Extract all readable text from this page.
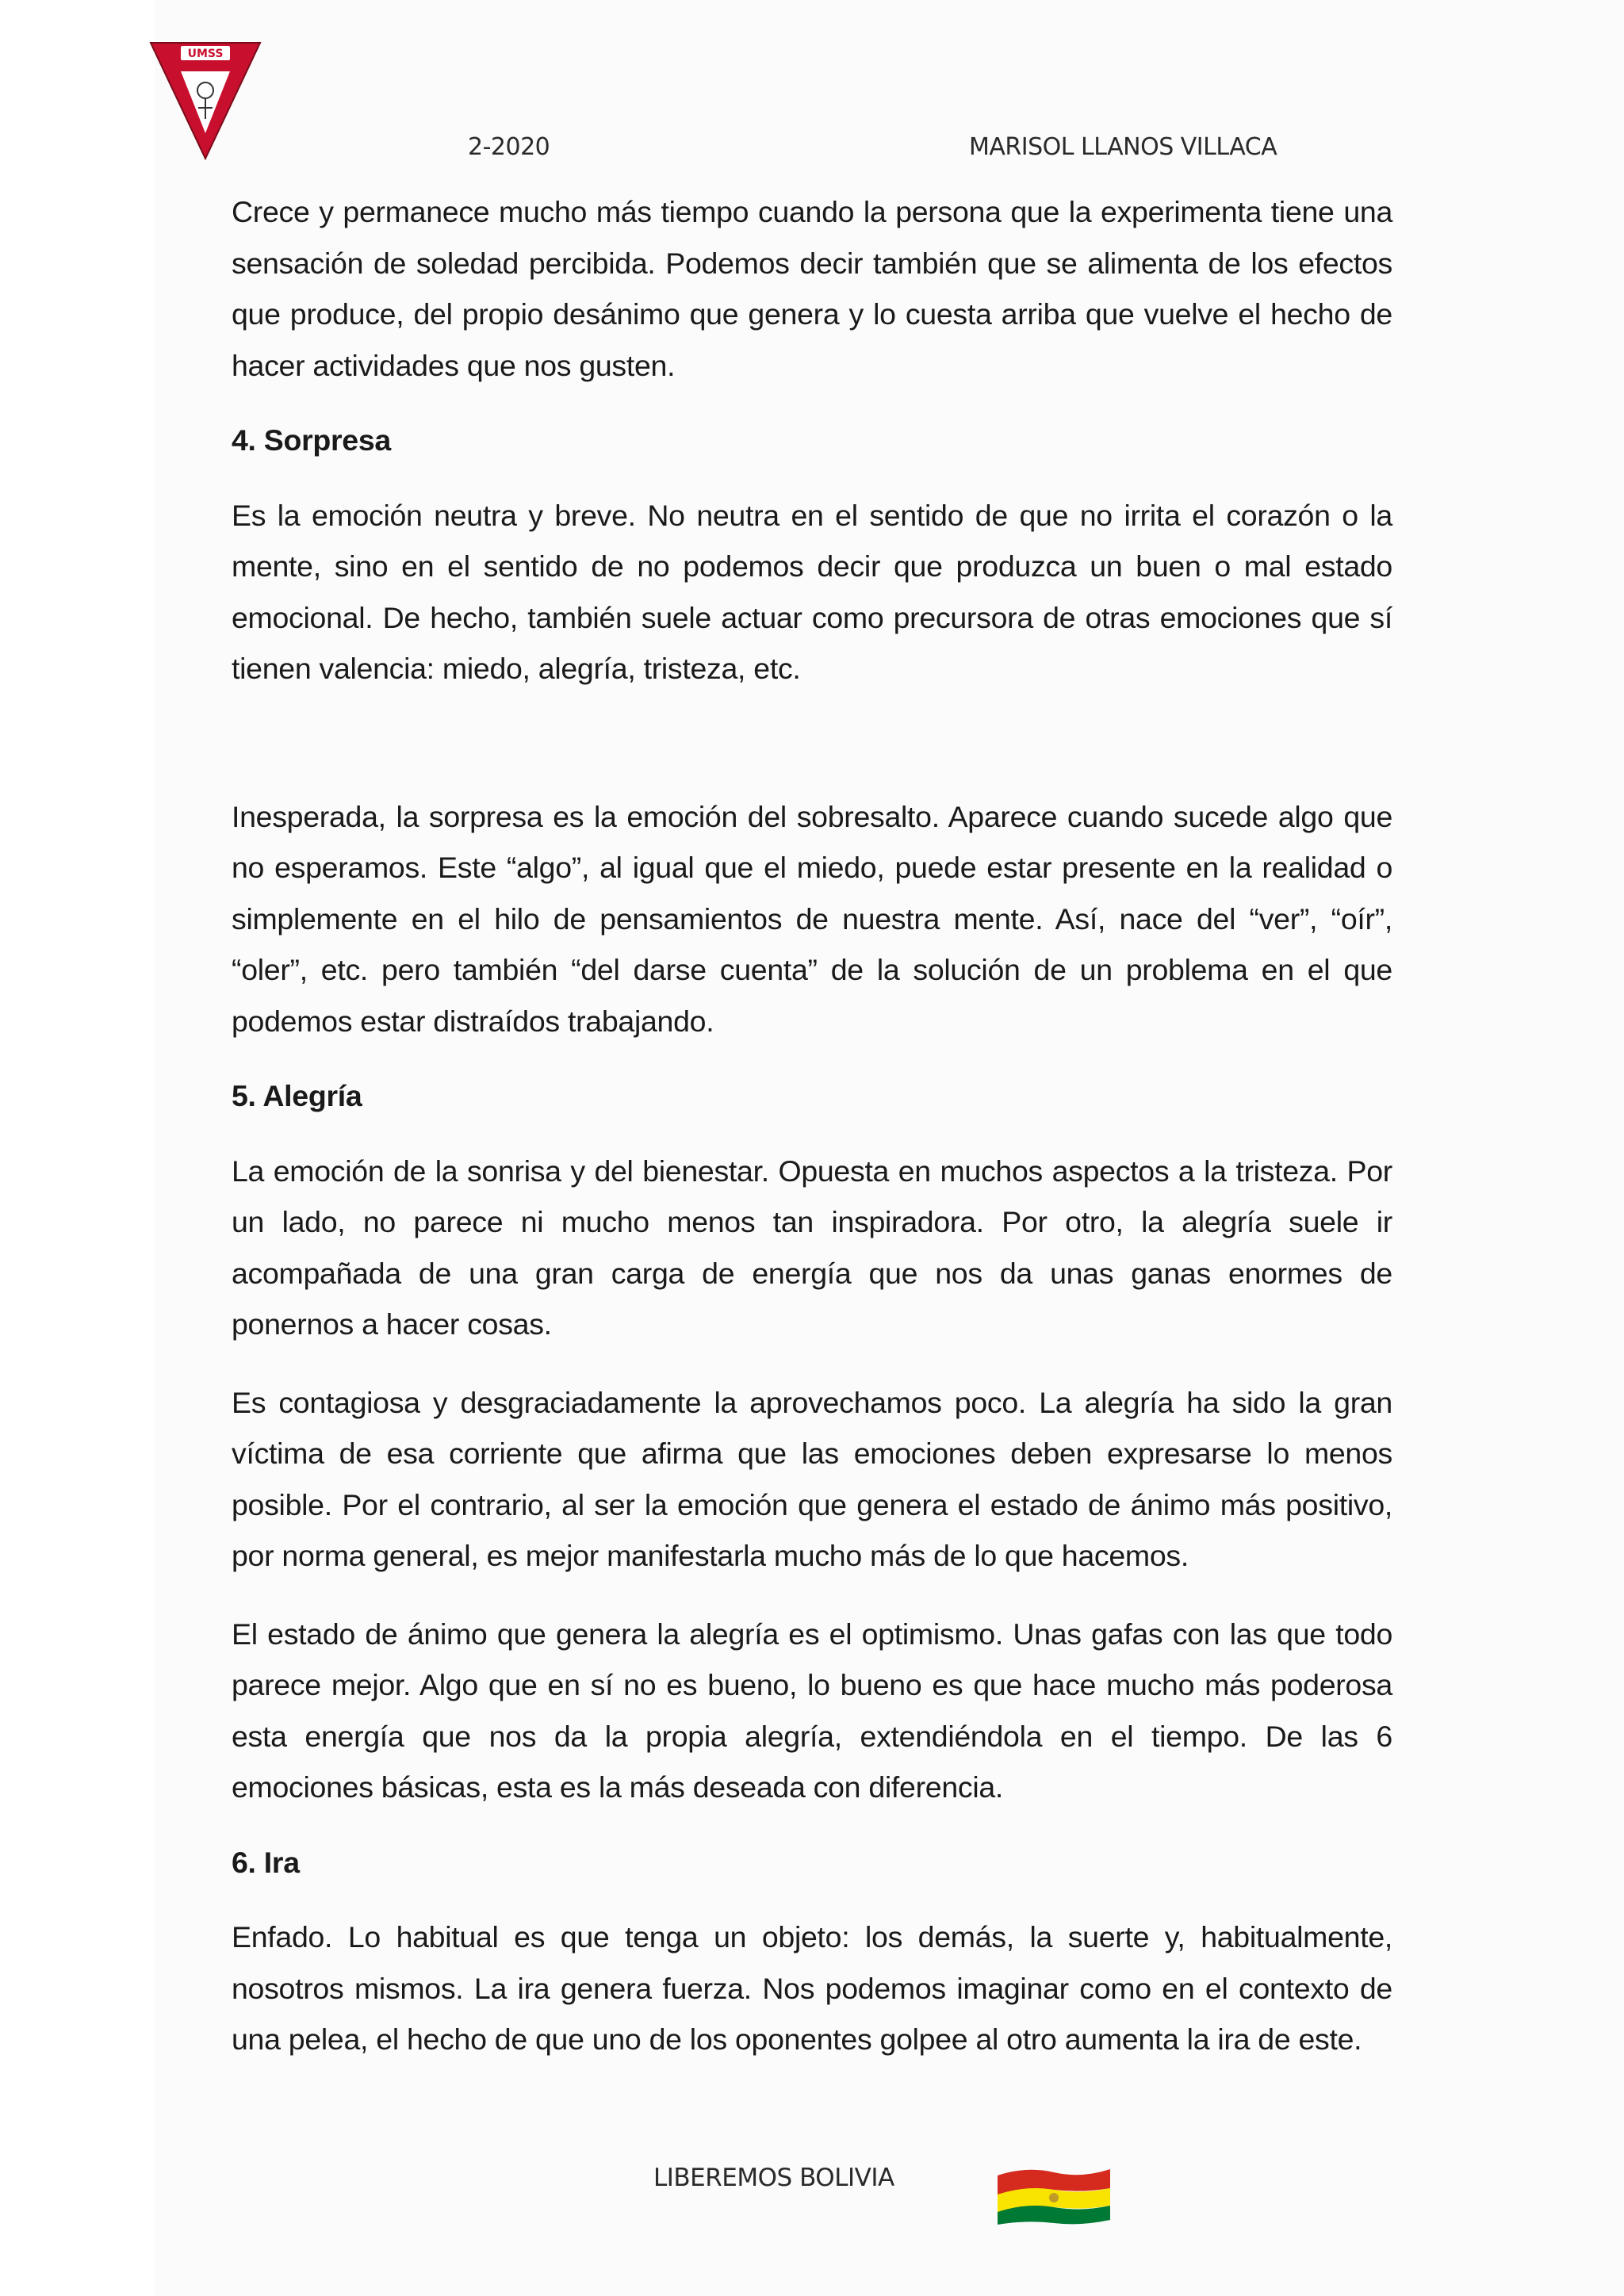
UMSS
2-2020	MARISOL LLANOS VILLACA

Crece y permanece mucho más tiempo cuando la persona que la experimenta tiene una sensación de soledad percibida. Podemos decir también que se alimenta de los efectos que produce, del propio desánimo que genera y lo cuesta arriba que vuelve el hecho de hacer actividades que nos gusten.

4. Sorpresa

Es la emoción neutra y breve. No neutra en el sentido de que no irrita el corazón o la mente, sino en el sentido de no podemos decir que produzca un buen o mal estado emocional. De hecho, también suele actuar como precursora de otras emociones que sí tienen valencia: miedo, alegría, tristeza, etc.

Inesperada, la sorpresa es la emoción del sobresalto. Aparece cuando sucede algo que no esperamos. Este “algo”, al igual que el miedo, puede estar presente en la realidad o simplemente en el hilo de pensamientos de nuestra mente. Así, nace del “ver”, “oír”, “oler”, etc. pero también “del darse cuenta” de la solución de un problema en el que podemos estar distraídos trabajando.

5. Alegría

La emoción de la sonrisa y del bienestar. Opuesta en muchos aspectos a la tristeza. Por un lado, no parece ni mucho menos tan inspiradora. Por otro, la alegría suele ir acompañada de una gran carga de energía que nos da unas ganas enormes de ponernos a hacer cosas.

Es contagiosa y desgraciadamente la aprovechamos poco. La alegría ha sido la gran víctima de esa corriente que afirma que las emociones deben expresarse lo menos posible. Por el contrario, al ser la emoción que genera el estado de ánimo más positivo, por norma general, es mejor manifestarla mucho más de lo que hacemos.

El estado de ánimo que genera la alegría es el optimismo. Unas gafas con las que todo parece mejor. Algo que en sí no es bueno, lo bueno es que hace mucho más poderosa esta energía que nos da la propia alegría, extendiéndola en el tiempo. De las 6 emociones básicas, esta es la más deseada con diferencia.

6. Ira

Enfado. Lo habitual es que tenga un objeto: los demás, la suerte y, habitualmente, nosotros mismos. La ira genera fuerza. Nos podemos imaginar como en el contexto de una pelea, el hecho de que uno de los oponentes golpee al otro aumenta la ira de este.

LIBEREMOS BOLIVIA
